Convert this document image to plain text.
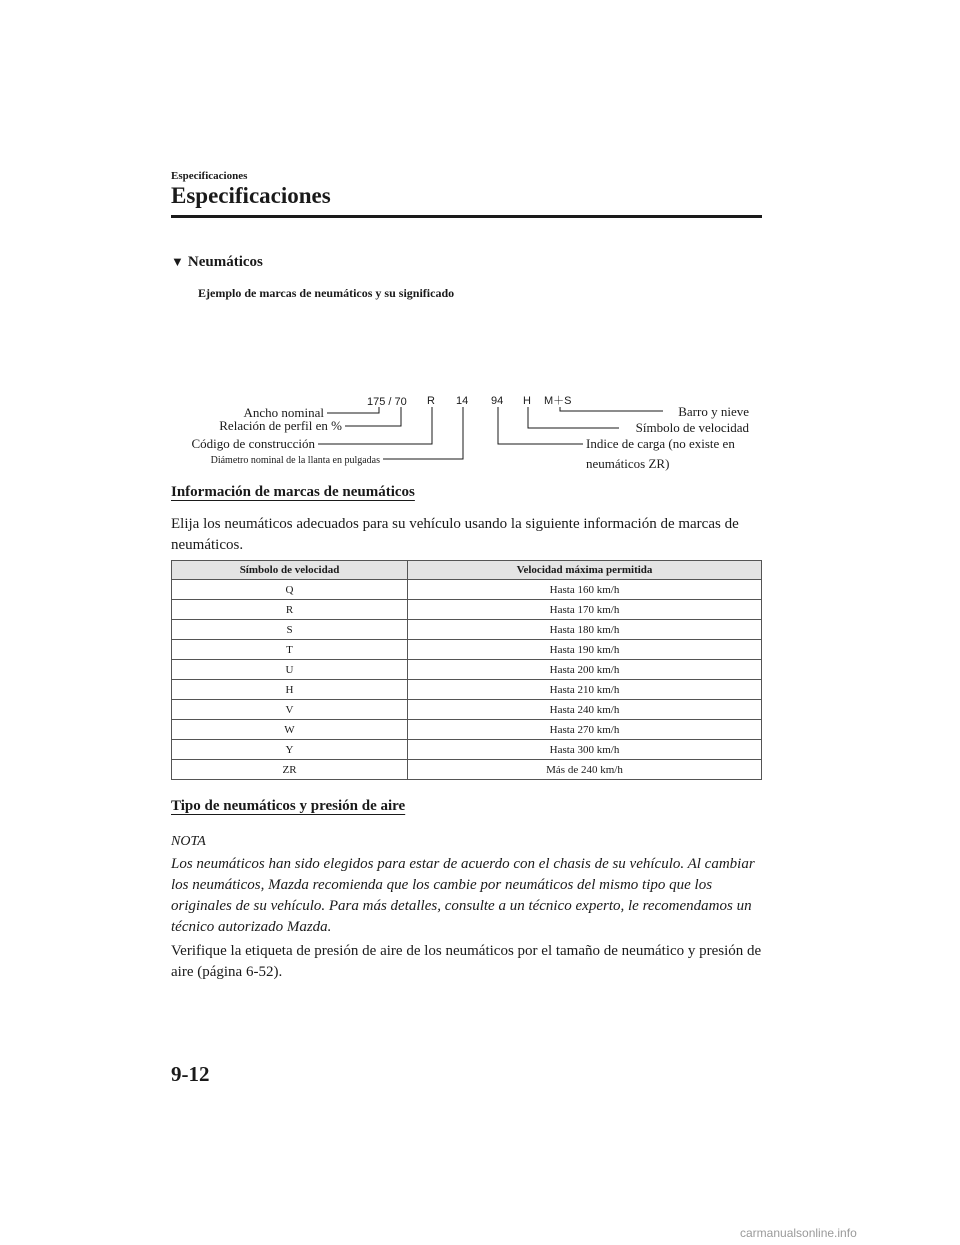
Especificaciones
Especificaciones
▼ Neumáticos
Ejemplo de marcas de neumáticos y su significado
175 / 70 R 14 94 H M＋S
Ancho nominal
Relación de perfil en %
Código de construcción
Diámetro nominal de la llanta en pulgadas
Barro y nieve
Símbolo de velocidad
Indice de carga (no existe en
neumáticos ZR)
Información de marcas de neumáticos
Elija los neumáticos adecuados para su vehículo usando la siguiente información de marcas de neumáticos.
Símbolo de velocidad	Velocidad máxima permitida
Q	Hasta 160 km/h
R	Hasta 170 km/h
S	Hasta 180 km/h
T	Hasta 190 km/h
U	Hasta 200 km/h
H	Hasta 210 km/h
V	Hasta 240 km/h
W	Hasta 270 km/h
Y	Hasta 300 km/h
ZR	Más de 240 km/h
Tipo de neumáticos y presión de aire
NOTA
Los neumáticos han sido elegidos para estar de acuerdo con el chasis de su vehículo. Al cambiar los neumáticos, Mazda recomienda que los cambie por neumáticos del mismo tipo que los originales de su vehículo. Para más detalles, consulte a un técnico experto, le recomendamos un técnico autorizado Mazda.
Verifique la etiqueta de presión de aire de los neumáticos por el tamaño de neumático y presión de aire (página 6-52).
9-12
carmanualsonline.info
